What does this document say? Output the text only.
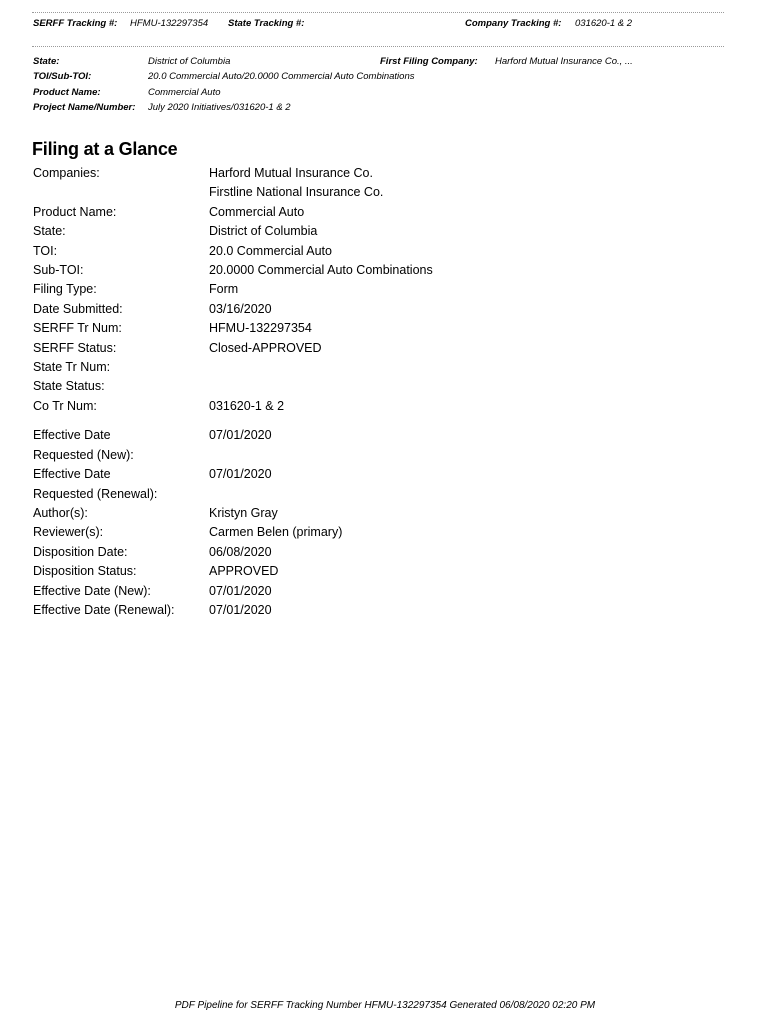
SERFF Tracking #: HFMU-132297354 State Tracking #:	Company Tracking #: 031620-1 & 2
State:	District of Columbia	First Filing Company: Harford Mutual Insurance Co., ...
TOI/Sub-TOI:	20.0 Commercial Auto/20.0000 Commercial Auto Combinations
Product Name:	Commercial Auto
Project Name/Number: July 2020 Initiatives/031620-1 & 2
Filing at a Glance
Companies:	Harford Mutual Insurance Co.
Firstline National Insurance Co.
Product Name:	Commercial Auto
State:	District of Columbia
TOI:	20.0 Commercial Auto
Sub-TOI:	20.0000 Commercial Auto Combinations
Filing Type:	Form
Date Submitted:	03/16/2020
SERFF Tr Num:	HFMU-132297354
SERFF Status:	Closed-APPROVED
State Tr Num:
State Status:
Co Tr Num:	031620-1 & 2
Effective Date
Requested (New):
07/01/2020
Effective Date
Requested (Renewal):
07/01/2020
Author(s):	Kristyn Gray
Reviewer(s):	Carmen Belen (primary)
Disposition Date:	06/08/2020
Disposition Status:	APPROVED
Effective Date (New):	07/01/2020
Effective Date (Renewal):	07/01/2020
PDF Pipeline for SERFF Tracking Number HFMU-132297354 Generated 06/08/2020 02:20 PM
